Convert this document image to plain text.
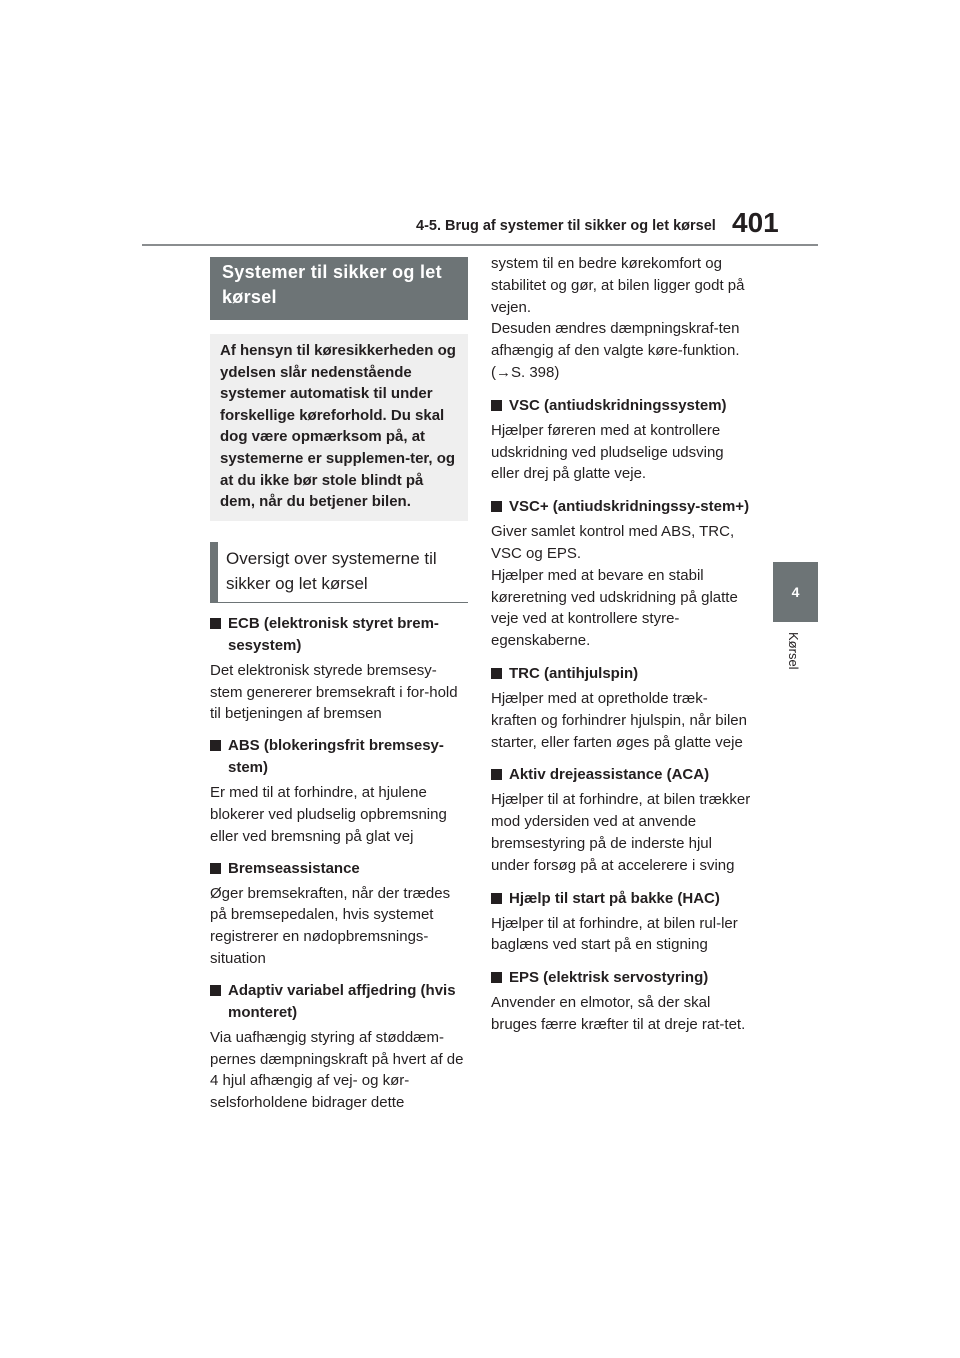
4-5. Brug af systemer til sikker og let kørsel 401
4
Kørsel
Systemer til sikker og let kørsel
Af hensyn til køresikkerheden og ydelsen slår nedenstående systemer automatisk til under forskellige køreforhold. Du skal dog være opmærksom på, at systemerne er supplemen-ter, og at du ikke bør stole blindt på dem, når du betjener bilen.
Oversigt over systemerne til sikker og let kørsel
ECB (elektronisk styret brem-sesystem)
Det elektronisk styrede bremsesy-stem genererer bremsekraft i for-hold til betjeningen af bremsen
ABS (blokeringsfrit bremsesy-stem)
Er med til at forhindre, at hjulene blokerer ved pludselig opbremsning eller ved bremsning på glat vej
Bremseassistance
Øger bremsekraften, når der trædes på bremsepedalen, hvis systemet registrerer en nødopbremsnings-situation
Adaptiv variabel affjedring (hvis monteret)
Via uafhængig styring af støddæm-pernes dæmpningskraft på hvert af de 4 hjul afhængig af vej- og kør-selsforholdene bidrager dette
system til en bedre kørekomfort og stabilitet og gør, at bilen ligger godt på vejen.
Desuden ændres dæmpningskraf-ten afhængig af den valgte køre-funktion. (→S. 398)
VSC (antiudskridningssystem)
Hjælper føreren med at kontrollere udskridning ved pludselige udsving eller drej på glatte veje.
VSC+ (antiudskridningssy-stem+)
Giver samlet kontrol med ABS, TRC, VSC og EPS.
Hjælper med at bevare en stabil køreretning ved udskridning på glatte veje ved at kontrollere styre-egenskaberne.
TRC (antihjulspin)
Hjælper med at opretholde træk-kraften og forhindrer hjulspin, når bilen starter, eller farten øges på glatte veje
Aktiv drejeassistance (ACA)
Hjælper til at forhindre, at bilen trækker mod ydersiden ved at anvende bremsestyring på de inderste hjul under forsøg på at accelerere i sving
Hjælp til start på bakke (HAC)
Hjælper til at forhindre, at bilen rul-ler baglæns ved start på en stigning
EPS (elektrisk servostyring)
Anvender en elmotor, så der skal bruges færre kræfter til at dreje rat-tet.
